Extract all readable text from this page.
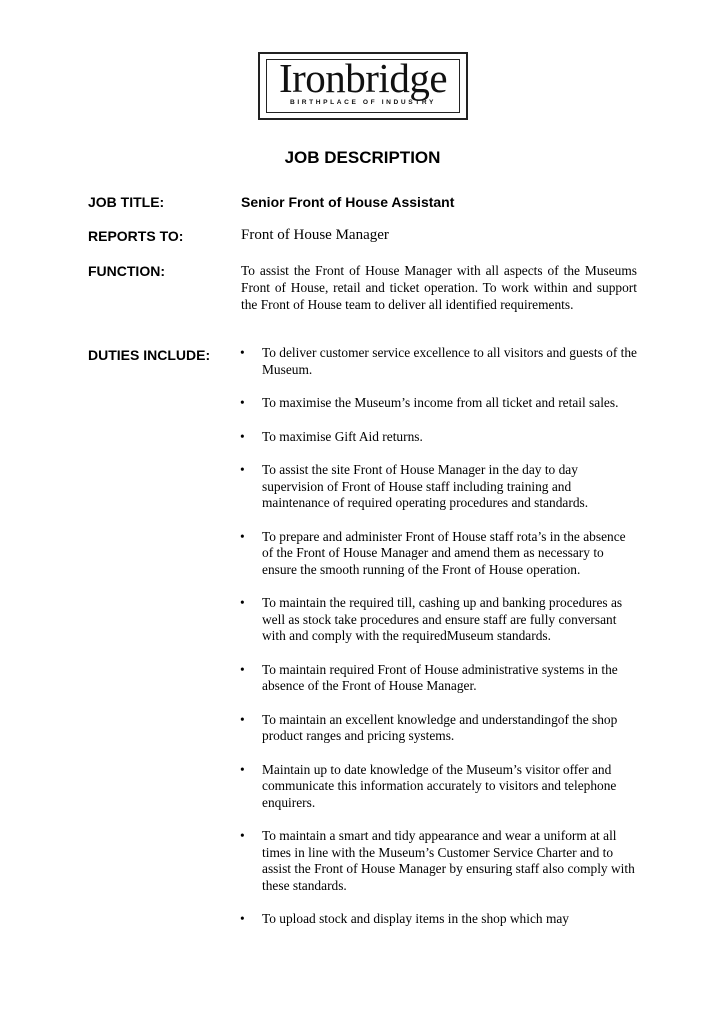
Ironbridge
BIRTHPLACE OF INDUSTRY
JOB DESCRIPTION
JOB TITLE:	Senior Front of House Assistant
REPORTS TO:	Front of House Manager
FUNCTION:	To assist the Front of House Manager with all aspects of the Museums Front of House, retail and ticket operation. To work within and support the Front of House team to deliver all identified requirements.
DUTIES INCLUDE: • To deliver customer service excellence to all visitors and guests of the Museum.
• To maximise the Museum’s income from all ticket and retail sales.
• To maximise Gift Aid returns.
• To assist the site Front of House Manager in the day to day supervision of Front of House staff including training and maintenance of required operating procedures and standards.
• To prepare and administer Front of House staff rota’s in the absence of the Front of House Manager and amend them as necessary to ensure the smooth running of the Front of House operation.
• To maintain the required till, cashing up and banking procedures as well as stock take procedures and ensure staff are fully conversant with and comply with the requiredMuseum standards.
• To maintain required Front of House administrative systems in the absence of the Front of House Manager.
• To maintain an excellent knowledge and understandingof the shop product ranges and pricing systems.
• Maintain up to date knowledge of the Museum’s visitor offer and communicate this information accurately to visitors and telephone enquirers.
• To maintain a smart and tidy appearance and wear a uniform at all times in line with the Museum’s Customer Service Charter and to assist the Front of House Manager by ensuring staff also comply with these standards.
• To upload stock and display items in the shop which may
